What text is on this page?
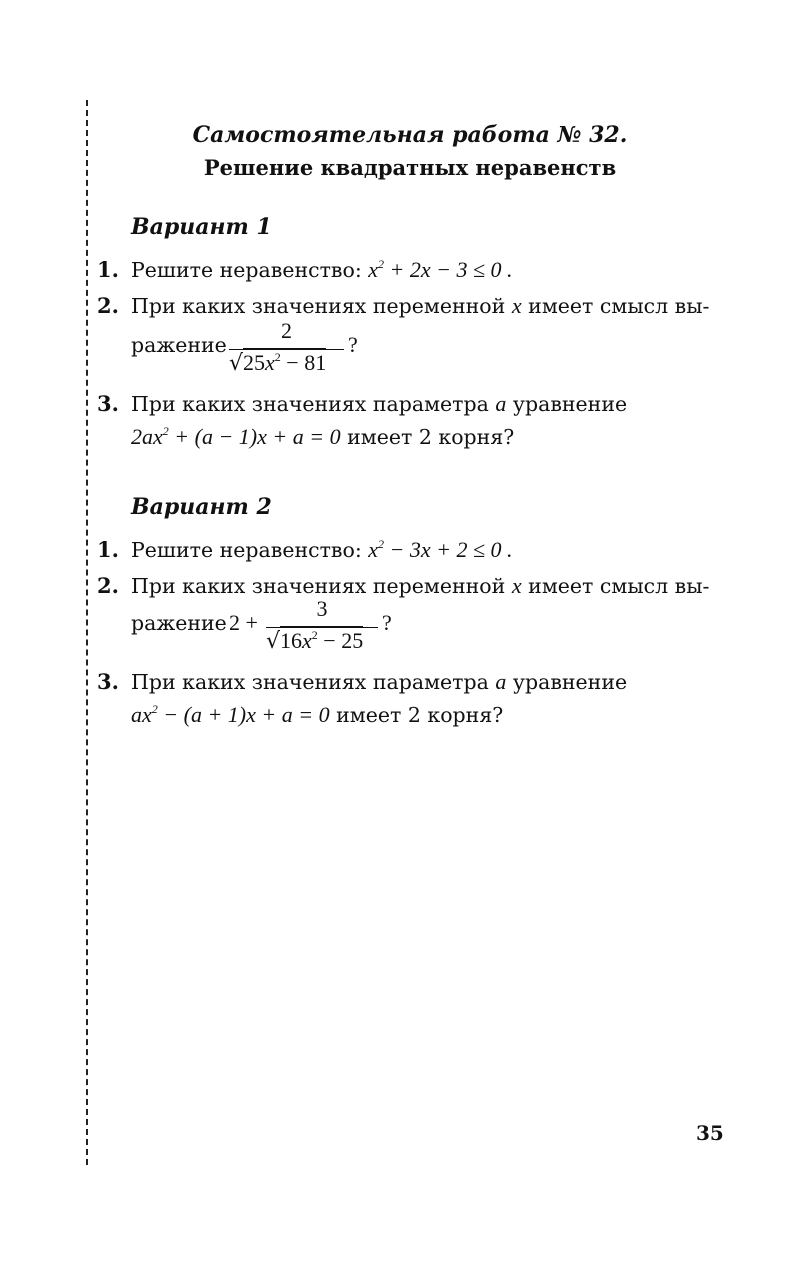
Самостоятельная работа № 32.
Решение квадратных неравенств
Вариант 1
1. Решите неравенство: $x^2 + 2x - 3 \le 0$ .
2. При каких значениях переменной x имеет смысл вы-
ражение
2
$√25x^2 - 81$
?
3. При каких значениях параметра a уравнение
$2ax^2 + (a - 1)x + a = 0$ имеет 2 корня?
Вариант 2
1. Решите неравенство: $x^2 - 3x + 2 \le 0$ .
2. При каких значениях переменной x имеет смысл вы-
ражение 2 +
3
$√16x^2 - 25$
?
3. При каких значениях параметра a уравнение
$ax^2 - (a + 1)x + a = 0$ имеет 2 корня?
35
